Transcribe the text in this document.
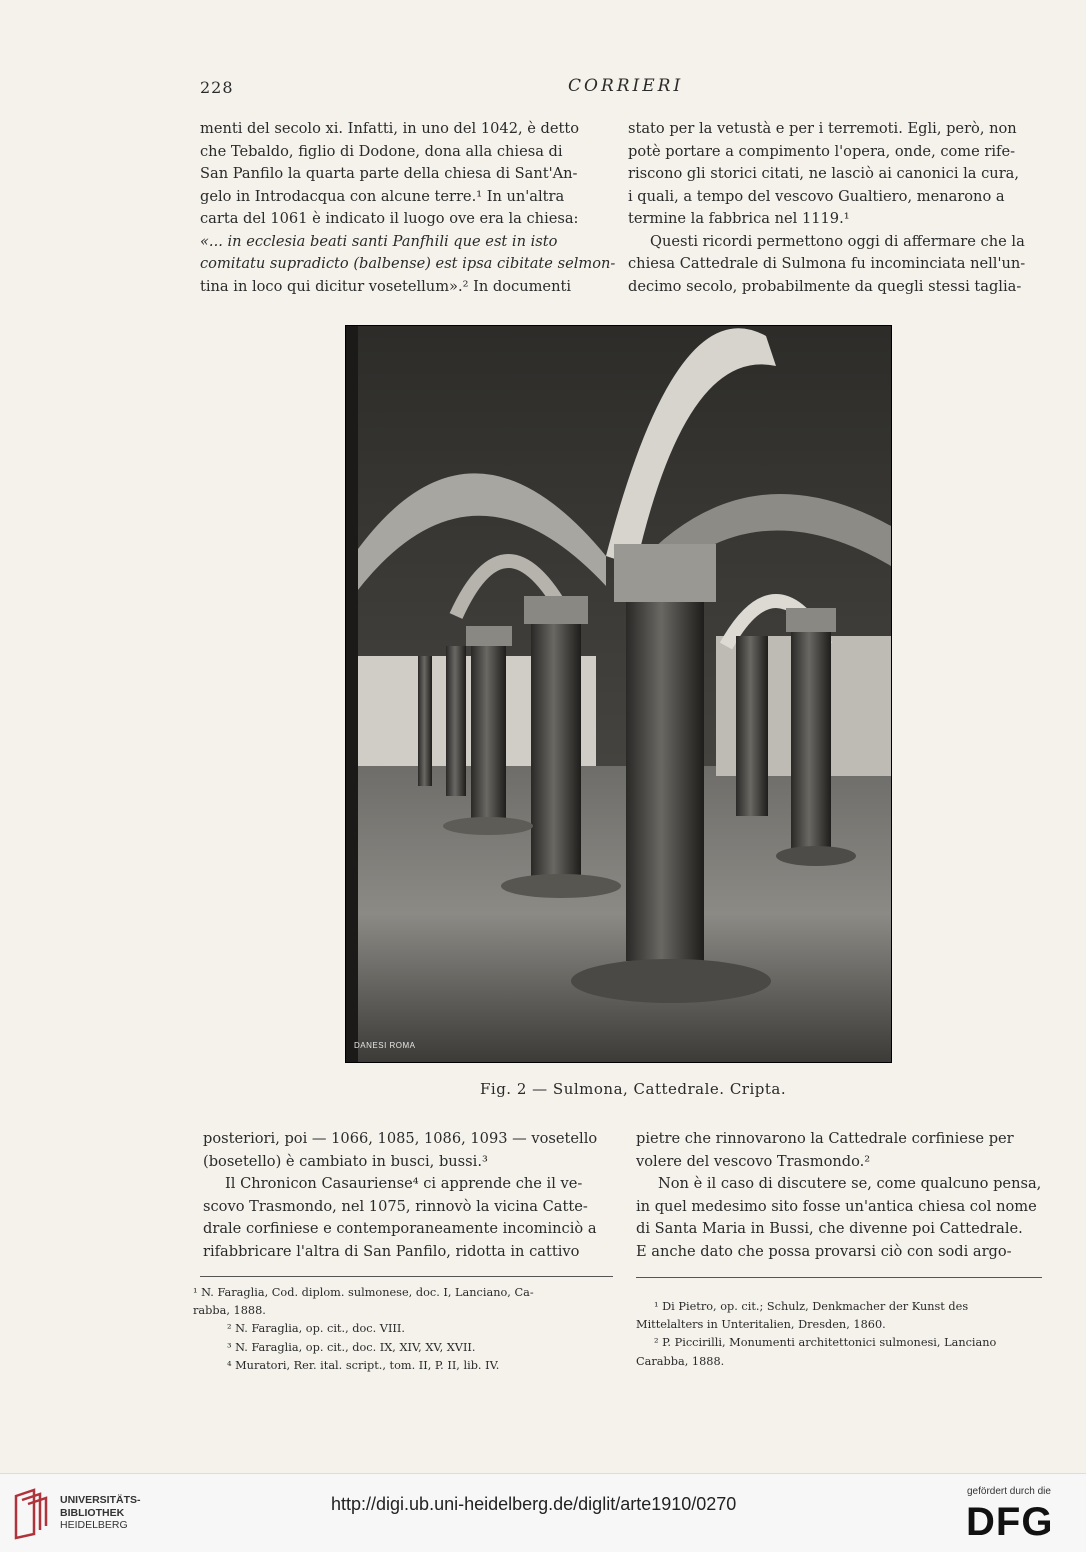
228	CORRIERI
menti del secolo xi. Infatti, in uno del 1042, è detto
che Tebaldo, figlio di Dodone, dona alla chiesa di
San Panfilo la quarta parte della chiesa di Sant'An-
gelo in Introdacqua con alcune terre.¹ In un'altra
carta del 1061 è indicato il luogo ove era la chiesa:
«... in ecclesia beati santi Panfhili que est in isto
comitatu supradicto (balbense) est ipsa cibitate selmon-
tina in loco qui dicitur vosetellum».² In documenti
stato per la vetustà e per i terremoti. Egli, però, non
potè portare a compimento l'opera, onde, come rife-
riscono gli storici citati, ne lasciò ai canonici la cura,
i quali, a tempo del vescovo Gualtiero, menarono a
termine la fabbrica nel 1119.¹
Questi ricordi permettono oggi di affermare che la
chiesa Cattedrale di Sulmona fu incominciata nell'un-
decimo secolo, probabilmente da quegli stessi taglia-
DANESI ROMA
Fig. 2 — Sulmona, Cattedrale. Cripta.
posteriori, poi — 1066, 1085, 1086, 1093 — vosetello
(bosetello) è cambiato in busci, bussi.³
Il Chronicon Casauriense⁴ ci apprende che il ve-
scovo Trasmondo, nel 1075, rinnovò la vicina Catte-
drale corfiniese e contemporaneamente incominciò a
rifabbricare l'altra di San Panfilo, ridotta in cattivo
pietre che rinnovarono la Cattedrale corfiniese per
volere del vescovo Trasmondo.²
Non è il caso di discutere se, come qualcuno pensa,
in quel medesimo sito fosse un'antica chiesa col nome
di Santa Maria in Bussi, che divenne poi Cattedrale.
E anche dato che possa provarsi ciò con sodi argo-
¹ N. Faraglia, Cod. diplom. sulmonese, doc. I, Lanciano, Ca-
rabba, 1888.
² N. Faraglia, op. cit., doc. VIII.
³ N. Faraglia, op. cit., doc. IX, XIV, XV, XVII.
⁴ Muratori, Rer. ital. script., tom. II, P. II, lib. IV.
¹ Di Pietro, op. cit.; Schulz, Denkmacher der Kunst des
Mittelalters in Unteritalien, Dresden, 1860.
² P. Piccirilli, Monumenti architettonici sulmonesi, Lanciano
Carabba, 1888.
UNIVERSITÄTS-
BIBLIOTHEK
HEIDELBERG
http://digi.ub.uni-heidelberg.de/diglit/arte1910/0270
gefördert durch die
DFG
